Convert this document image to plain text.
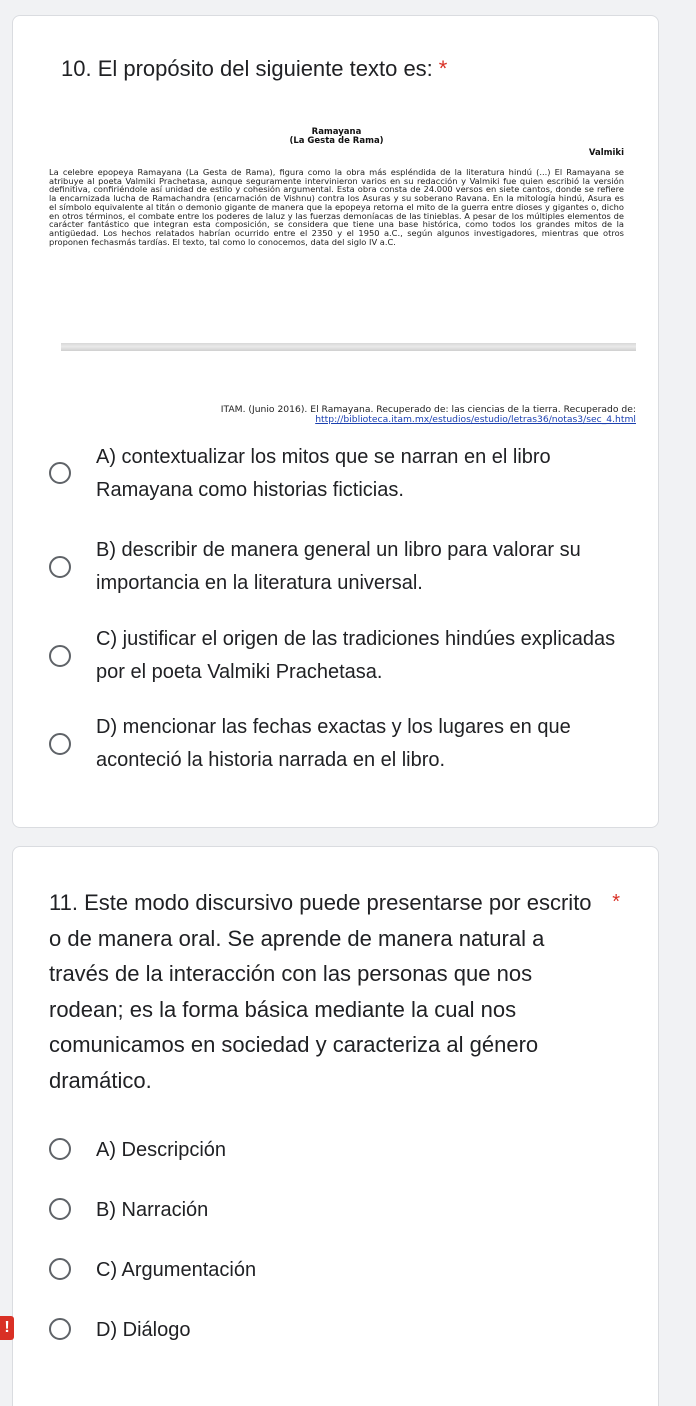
10. El propósito del siguiente texto es: *
Ramayana
(La Gesta de Rama)
Valmiki
La celebre epopeya Ramayana (La Gesta de Rama), figura como la obra más espléndida de la literatura hindú (...) El Ramayana se atribuye al poeta Valmiki Prachetasa, aunque seguramente intervinieron varios en su redacción y Valmiki fue quien escribió la versión definitiva, confiriéndole así unidad de estilo y cohesión argumental. Esta obra consta de 24.000 versos en siete cantos, donde se refiere la encarnizada lucha de Ramachandra (encarnación de Vishnu) contra los Asuras y su soberano Ravana. En la mitología hindú, Asura es el símbolo equivalente al titán o demonio gigante de manera que la epopeya retorna el mito de la guerra entre dioses y gigantes o, dicho en otros términos, el combate entre los poderes de laluz y las fuerzas demoníacas de las tinieblas. A pesar de los múltiples elementos de carácter fantástico que integran esta composición, se considera que tiene una base histórica, como todos los grandes mitos de la antigüedad. Los hechos relatados habrían ocurrido entre el 2350 y el 1950 a.C., según algunos investigadores, mientras que otros proponen fechasmás tardías. El texto, tal como lo conocemos, data del siglo IV a.C.
ITAM. (Junio 2016). El Ramayana. Recuperado de: las ciencias de la tierra. Recuperado de:
http://biblioteca.itam.mx/estudios/estudio/letras36/notas3/sec_4.html
A) contextualizar los mitos que se narran en el libro Ramayana como historias ficticias.
B) describir de manera general un libro para valorar su importancia en la literatura universal.
C) justificar el origen de las tradiciones hindúes explicadas por el poeta Valmiki Prachetasa.
D) mencionar las fechas exactas y los lugares en que aconteció la historia narrada en el libro.
11. Este modo discursivo puede presentarse por escrito o de manera oral. Se aprende de manera natural a través de la interacción con las personas que nos rodean; es la forma básica mediante la cual nos comunicamos en sociedad y caracteriza al género dramático.
*
A) Descripción
B) Narración
C) Argumentación
D) Diálogo
!
